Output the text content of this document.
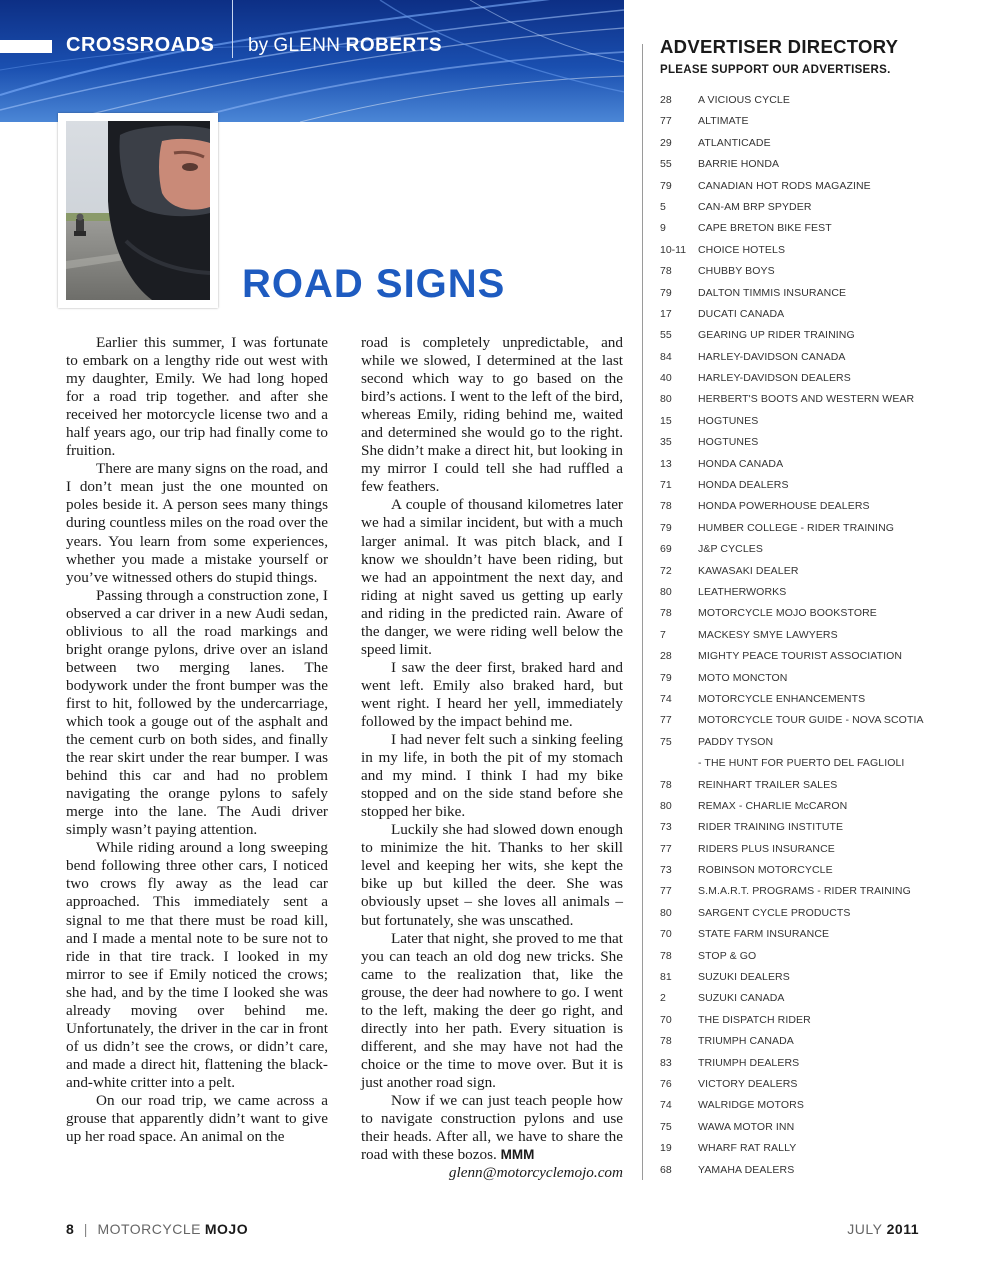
CROSSROADS by GLENN ROBERTS
ROAD SIGNS

Earlier this summer, I was fortunate to embark on a lengthy ride out west with my daughter, Emily. We had long hoped for a road trip together. and after she received her motorcycle license two and a half years ago, our trip had finally come to fruition.

There are many signs on the road, and I don’t mean just the one mounted on poles beside it. A person sees many things during countless miles on the road over the years. You learn from some experiences, whether you made a mistake yourself or you’ve witnessed others do stupid things.

Passing through a construction zone, I observed a car driver in a new Audi sedan, oblivious to all the road markings and bright orange pylons, drive over an island between two merging lanes. The bodywork under the front bumper was the first to hit, followed by the undercarriage, which took a gouge out of the asphalt and the cement curb on both sides, and finally the rear skirt under the rear bumper. I was behind this car and had no problem navigating the orange pylons to safely merge into the lane. The Audi driver simply wasn’t paying attention.

While riding around a long sweeping bend following three other cars, I noticed two crows fly away as the lead car approached. This immediately sent a signal to me that there must be road kill, and I made a mental note to be sure not to ride in that tire track. I looked in my mirror to see if Emily noticed the crows; she had, and by the time I looked she was already moving over behind me. Unfortunately, the driver in the car in front of us didn’t see the crows, or didn’t care, and made a direct hit, flattening the black-and-white critter into a pelt.

On our road trip, we came across a grouse that apparently didn’t want to give up her road space. An animal on the

road is completely unpredictable, and while we slowed, I determined at the last second which way to go based on the bird’s actions. I went to the left of the bird, whereas Emily, riding behind me, waited and determined she would go to the right. She didn’t make a direct hit, but looking in my mirror I could tell she had ruffled a few feathers.

A couple of thousand kilometres later we had a similar incident, but with a much larger animal. It was pitch black, and I know we shouldn’t have been riding, but we had an appointment the next day, and riding at night saved us getting up early and riding in the predicted rain. Aware of the danger, we were riding well below the speed limit.

I saw the deer first, braked hard and went left. Emily also braked hard, but went right. I heard her yell, immediately followed by the impact behind me.

I had never felt such a sinking feeling in my life, in both the pit of my stomach and my mind. I think I had my bike stopped and on the side stand before she stopped her bike.

Luckily she had slowed down enough to minimize the hit. Thanks to her skill level and keeping her wits, she kept the bike up but killed the deer. She was obviously upset – she loves all animals – but fortunately, she was unscathed.

Later that night, she proved to me that you can teach an old dog new tricks. She came to the realization that, like the grouse, the deer had nowhere to go. I went to the left, making the deer go right, and directly into her path. Every situation is different, and she may have not had the choice or the time to move over. But it is just another road sign.

Now if we can just teach people how to navigate construction pylons and use their heads. After all, we have to share the road with these bozos. MMM

glenn@motorcyclemojo.com

ADVERTISER DIRECTORY
PLEASE SUPPORT OUR ADVERTISERS.
28	A VICIOUS CYCLE
77	ALTIMATE
29	ATLANTICADE
55	BARRIE HONDA
79	CANADIAN HOT RODS MAGAZINE
5	CAN-AM BRP SPYDER
9	CAPE BRETON BIKE FEST
10-11	CHOICE HOTELS
78	CHUBBY BOYS
79	DALTON TIMMIS INSURANCE
17	DUCATI CANADA
55	GEARING UP RIDER TRAINING
84	HARLEY-DAVIDSON CANADA
40	HARLEY-DAVIDSON DEALERS
80	HERBERT'S BOOTS AND WESTERN WEAR
15	HOGTUNES
35	HOGTUNES
13	HONDA CANADA
71	HONDA DEALERS
78	HONDA POWERHOUSE DEALERS
79	HUMBER COLLEGE - RIDER TRAINING
69	J&P CYCLES
72	KAWASAKI DEALER
80	LEATHERWORKS
78	MOTORCYCLE MOJO BOOKSTORE
7	MACKESY SMYE LAWYERS
28	MIGHTY PEACE TOURIST ASSOCIATION
79	MOTO MONCTON
74	MOTORCYCLE ENHANCEMENTS
77	MOTORCYCLE TOUR GUIDE - NOVA SCOTIA
75	PADDY TYSON
- THE HUNT FOR PUERTO DEL FAGLIOLI
78	REINHART TRAILER SALES
80	REMAX - CHARLIE McCARON
73	RIDER TRAINING INSTITUTE
77	RIDERS PLUS INSURANCE
73	ROBINSON MOTORCYCLE
77	S.M.A.R.T. PROGRAMS - RIDER TRAINING
80	SARGENT CYCLE PRODUCTS
70	STATE FARM INSURANCE
78	STOP & GO
81	SUZUKI DEALERS
2	SUZUKI CANADA
70	THE DISPATCH RIDER
78	TRIUMPH CANADA
83	TRIUMPH DEALERS
76	VICTORY DEALERS
74	WALRIDGE MOTORS
75	WAWA MOTOR INN
19	WHARF RAT RALLY
68	YAMAHA DEALERS
8 | MOTORCYCLE MOJO	JULY 2011
